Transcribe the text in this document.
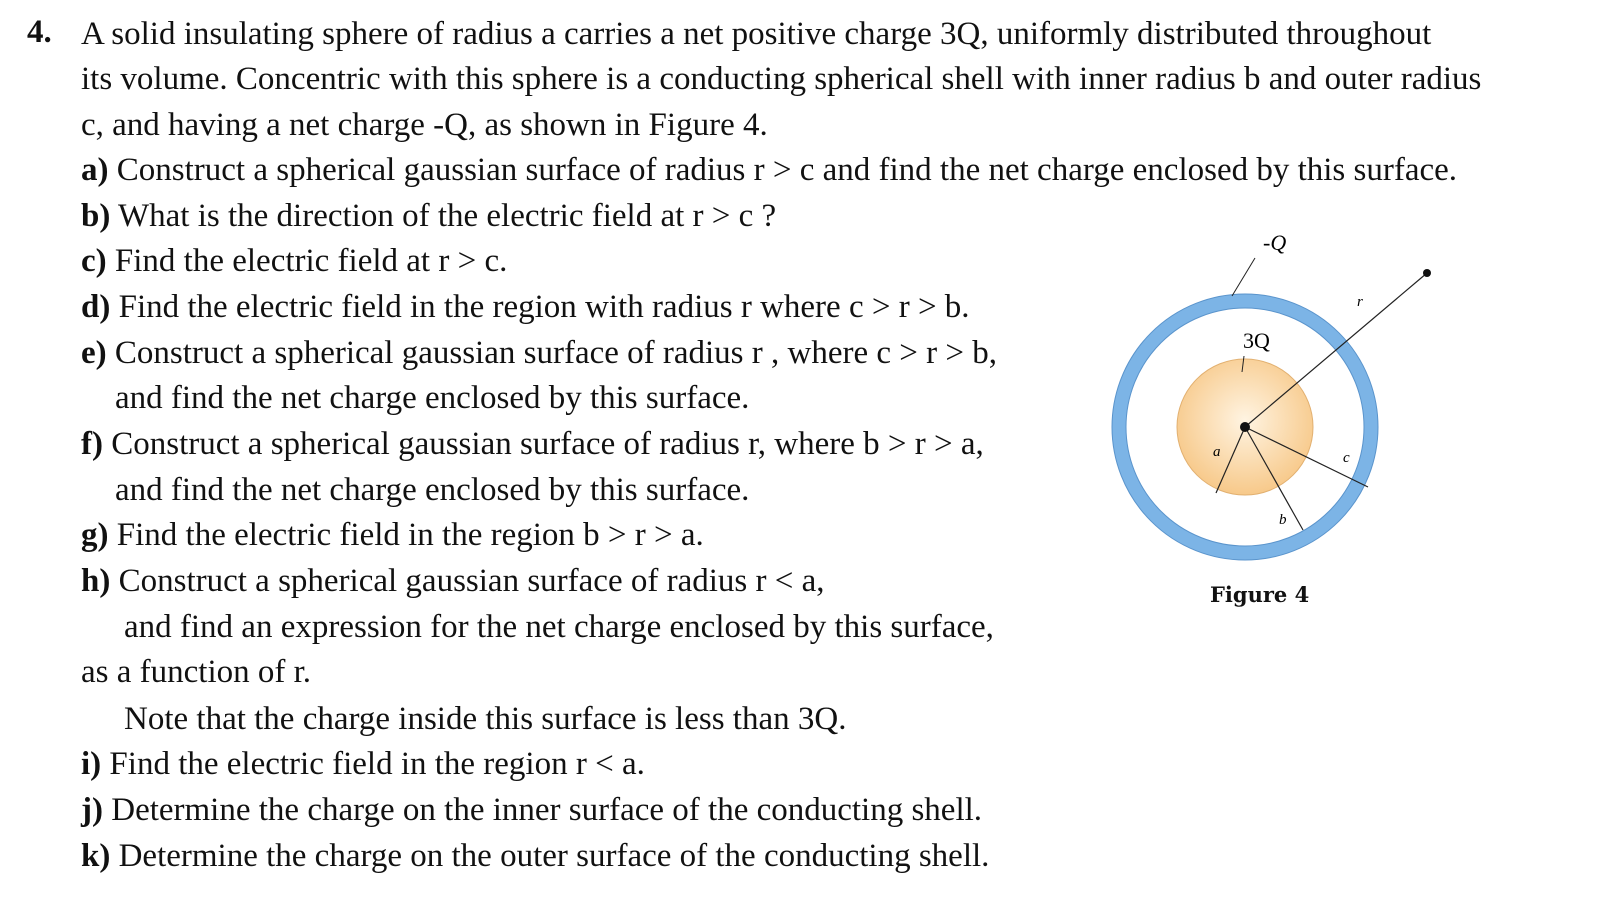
4. A solid insulating sphere of radius a carries a net positive charge 3Q, uniformly distributed throughout
its volume. Concentric with this sphere is a conducting spherical shell with inner radius b and outer radius
c, and having a net charge -Q, as shown in Figure 4.
a) Construct a spherical gaussian surface of radius r > c and find the net charge enclosed by this surface.
b) What is the direction of the electric field at r > c ?
c) Find the electric field at r > c.
d) Find the electric field in the region with radius r where c > r > b.
e) Construct a spherical gaussian surface of radius r , where c > r > b,
and find the net charge enclosed by this surface.
f) Construct a spherical gaussian surface of radius r, where b > r > a,
and find the net charge enclosed by this surface.
g) Find the electric field in the region b > r > a.
h) Construct a spherical gaussian surface of radius r < a,
and find an expression for the net charge enclosed by this surface,
as a function of r.
Note that the charge inside this surface is less than 3Q.
i) Find the electric field in the region r < a.
j) Determine the charge on the inner surface of the conducting shell.
k) Determine the charge on the outer surface of the conducting shell.
-Q
3Q
r
a
b
c
Figure 4
